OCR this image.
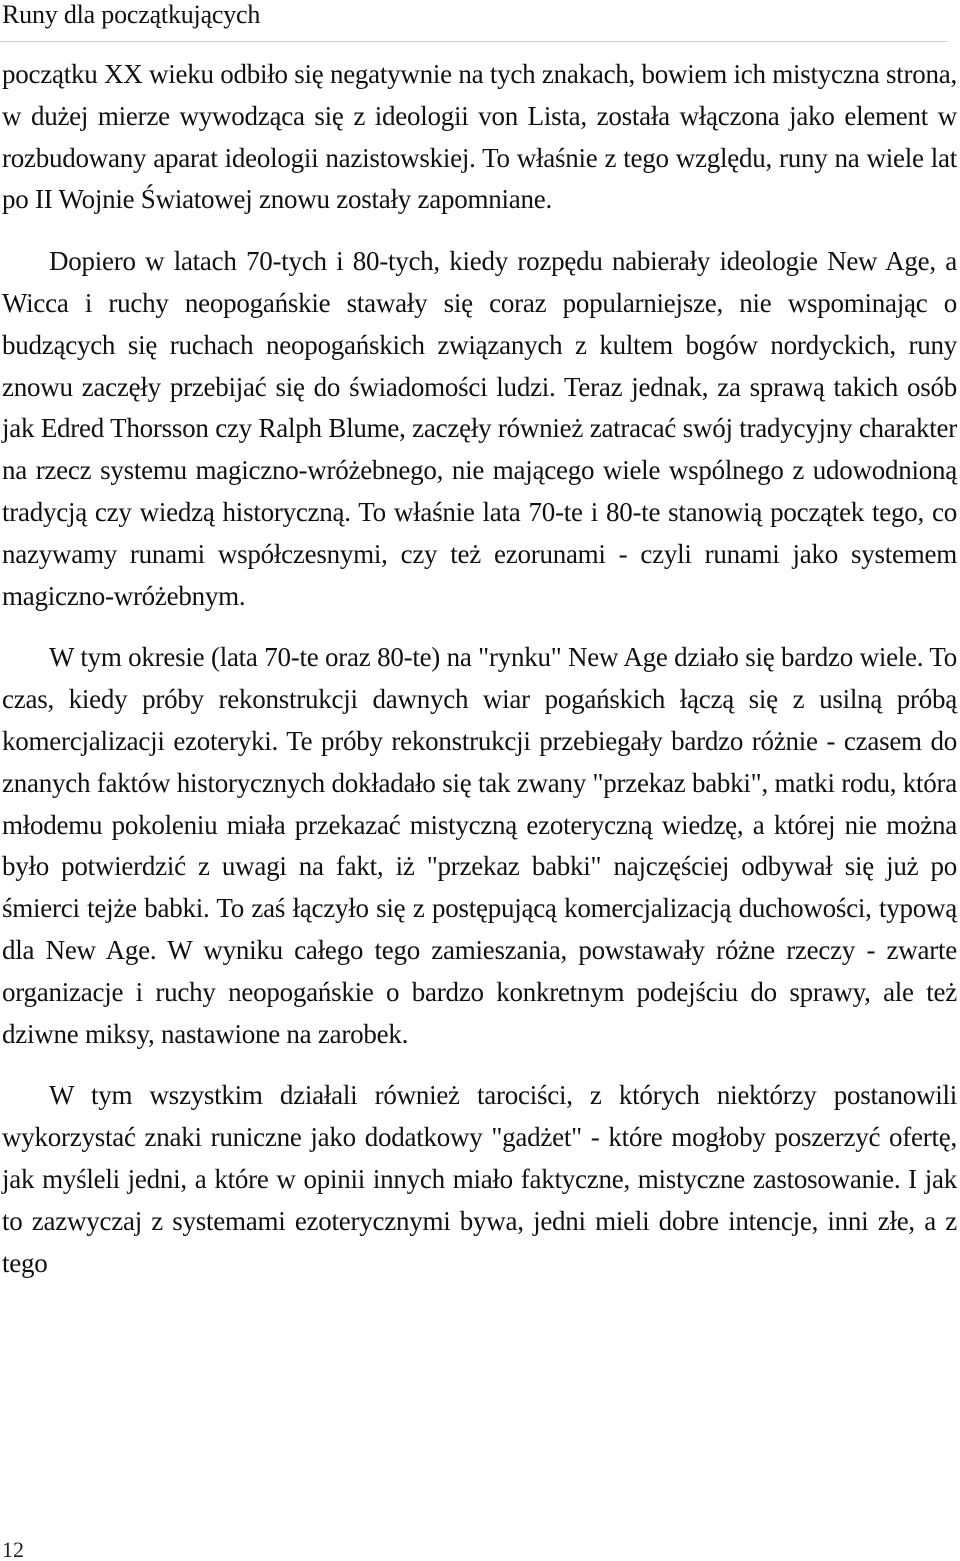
Runy dla początkujących

początku XX wieku odbiło się negatywnie na tych znakach, bowiem ich mistyczna strona, w dużej mierze wywodząca się z ideologii von Lista, została włączona jako element w rozbudowany aparat ideologii nazistowskiej. To właśnie z tego względu, runy na wiele lat po II Wojnie Światowej znowu zostały zapomniane.

Dopiero w latach 70-tych i 80-tych, kiedy rozpędu nabierały ideologie New Age, a Wicca i ruchy neopogańskie stawały się coraz popularniejsze, nie wspominając o budzących się ruchach neopogańskich związanych z kultem bogów nordyckich, runy znowu zaczęły przebijać się do świadomości ludzi. Teraz jednak, za sprawą takich osób jak Edred Thorsson czy Ralph Blume, zaczęły również zatracać swój tradycyjny charakter na rzecz systemu magiczno-wróżebnego, nie mającego wiele wspólnego z udowodnioną tradycją czy wiedzą historyczną. To właśnie lata 70-te i 80-te stanowią początek tego, co nazywamy runami współczesnymi, czy też ezorunami - czyli runami jako systemem magiczno-wróżebnym.

W tym okresie (lata 70-te oraz 80-te) na "rynku" New Age działo się bardzo wiele. To czas, kiedy próby rekonstrukcji dawnych wiar pogańskich łączą się z usilną próbą komercjalizacji ezoteryki. Te próby rekonstrukcji przebiegały bardzo różnie - czasem do znanych faktów historycznych dokładało się tak zwany "przekaz babki", matki rodu, która młodemu pokoleniu miała przekazać mistyczną ezoteryczną wiedzę, a której nie można było potwierdzić z uwagi na fakt, iż "przekaz babki" najczęściej odbywał się już po śmierci tejże babki. To zaś łączyło się z postępującą komercjalizacją duchowości, typową dla New Age. W wyniku całego tego zamieszania, powstawały różne rzeczy - zwarte organizacje i ruchy neopogańskie o bardzo konkretnym podejściu do sprawy, ale też dziwne miksy, nastawione na zarobek.

W tym wszystkim działali również tarociści, z których niektórzy postanowili wykorzystać znaki runiczne jako dodatkowy "gadżet" - które mogłoby poszerzyć ofertę, jak myśleli jedni, a które w opinii innych miało faktyczne, mistyczne zastosowanie. I jak to zazwyczaj z systemami ezoterycznymi bywa, jedni mieli dobre intencje, inni złe, a z tego

12
